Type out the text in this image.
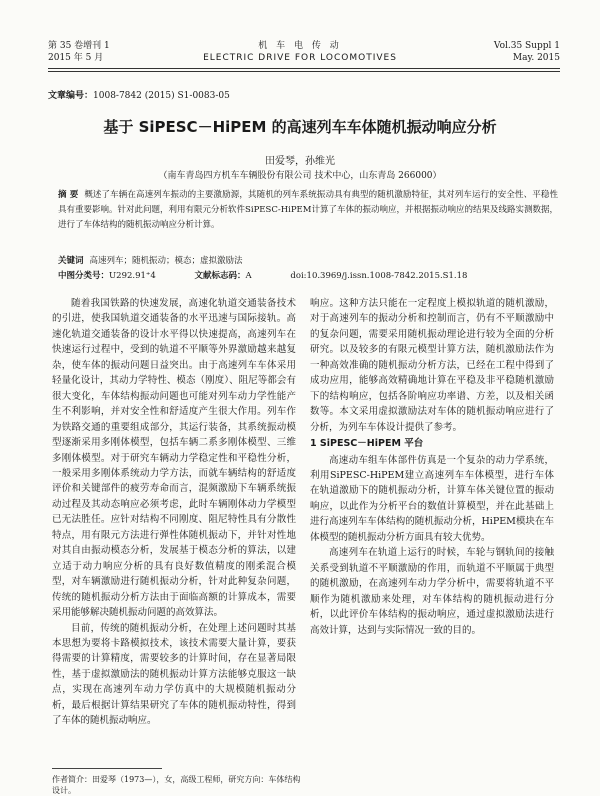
第 35 卷增刊 1
2015 年 5 月
机 车 电 传 动
ELECTRIC DRIVE FOR LOCOMOTIVES
Vol.35 Suppl 1
May. 2015
文章编号：1008-7842 (2015) S1-0083-05
基于 SiPESC－HiPEM 的高速列车车体随机振动响应分析
田爱琴，孙维光
（南车青岛四方机车车辆股份有限公司 技术中心，山东青岛 266000）
摘 要 概述了车辆在高速列车振动的主要激励源，其随机的列车系统振动具有典型的随机激励特征，其对列车运行的安全性、平稳性具有重要影响。针对此问题，利用有限元分析软件SiPESC-HiPEM计算了车体的振动响应，并根据振动响应的结果及线路实测数据，进行了车体结构的随机振动响应分析计算。
关键词 高速列车；随机振动；模态；虚拟激励法
中图分类号：U292.91⁺4	文献标志码：A	doi:10.3969/j.issn.1008-7842.2015.S1.18

随着我国铁路的快速发展，高速化轨道交通装备技术的引进，使我国轨道交通装备的水平迅速与国际接轨。高速化轨道交通装备的设计水平得以快速提高，高速列车在快速运行过程中，受到的轨道不平顺等外界激励越来越复杂，使车体的振动问题日益突出。由于高速列车车体采用轻量化设计，其动力学特性、模态（刚度）、阻尼等都会有很大变化，车体结构振动问题也可能对列车动力学性能产生不利影响，并对安全性和舒适度产生很大作用。列车作为铁路交通的重要组成部分，其运行装备，其系统振动模型逐渐采用多刚体模型，包括车辆二系多刚体模型、三维多刚体模型。对于研究车辆动力学稳定性和平稳性分析，一般采用多刚体系统动力学方法，而就车辆结构的舒适度评价和关键部件的疲劳寿命而言，混频激励下车辆系统振动过程及其动态响应必须考虑，此时车辆刚体动力学模型已无法胜任。应针对结构不同刚度、阻尼特性具有分散性特点，用有限元方法进行弹性体随机振动下，并针对性地对其自由振动模态分析，发展基于模态分析的算法，以建立适于动力响应分析的具有良好数值精度的刚柔混合模型，对车辆激励进行随机振动分析，针对此种复杂问题，传统的随机振动分析方法由于面临高额的计算成本，需要采用能够解决随机振动问题的高效算法。

目前，传统的随机振动分析，在处理上述问题时其基本思想为要将卡路模拟技术，该技术需要大量计算，要获得需要的计算精度，需要较多的计算时间，存在显著局限性，基于虚拟激励法的随机振动计算方法能够克服这一缺点，实现在高速列车动力学仿真中的大规模随机振动分析，最后根据计算结果研究了车体的随机振动特性，得到了车体的随机振动响应。

响应。这种方法只能在一定程度上模拟轨道的随机激励，对于高速列车的振动分析和控制而言，仍有不平顺激励中的复杂问题，需要采用随机振动理论进行较为全面的分析研究。以及较多的有限元模型计算方法，随机激励法作为一种高效准确的随机振动分析方法，已经在工程中得到了成功应用，能够高效精确地计算在平稳及非平稳随机激励下的结构响应，包括各阶响应功率谱、方差，以及相关函数等。本文采用虚拟激励法对车体的随机振动响应进行了分析，为列车车体设计提供了参考。

1 SiPESC－HiPEM 平台

高速动车组车体部件仿真是一个复杂的动力学系统，利用SiPESC-HiPEM建立高速列车车体模型，进行车体在轨道激励下的随机振动分析，计算车体关键位置的振动响应，以此作为分析平台的数值计算模型，并在此基础上进行高速列车车体结构的随机振动分析，HiPEM模块在车体模型的随机振动分析方面具有较大优势。

高速列车在轨道上运行的时候，车轮与钢轨间的接触关系受到轨道不平顺激励的作用，而轨道不平顺属于典型的随机激励，在高速列车动力学分析中，需要将轨道不平顺作为随机激励来处理，对车体结构的随机振动进行分析，以此评价车体结构的振动响应，通过虚拟激励法进行高效计算，达到与实际情况一致的目的。

作者简介：田爱琴（1973—），女，高级工程师，研究方向：车体结构设计。
